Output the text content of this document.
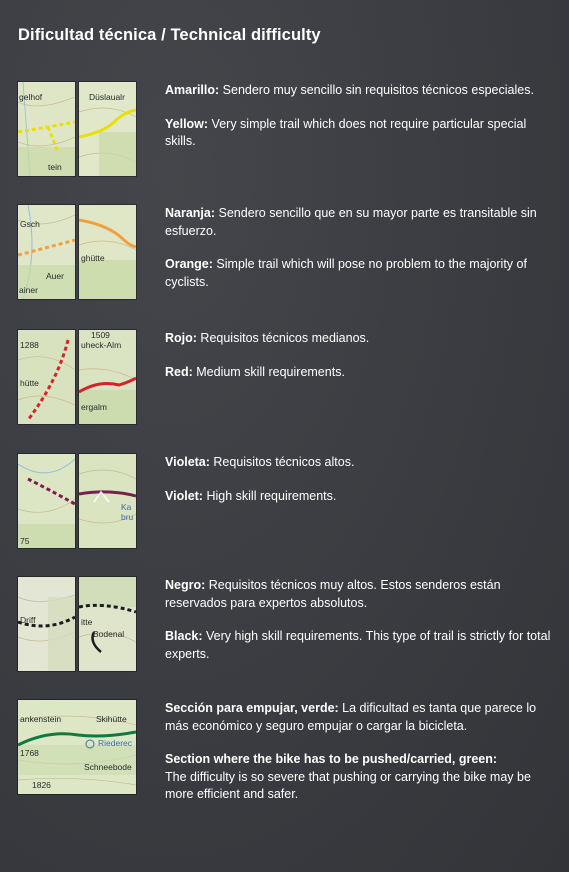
Dificultad técnica / Technical difficulty
gelhof
tein
Düslaualr	Amarillo: Sendero muy sencillo sin requisitos técnicos especiales.

Yellow: Very simple trail which does not require particular special skills.

Gsch
Auer
ainer
ghütte

Naranja: Sendero sencillo que en su mayor parte es transitable sin esfuerzo.

Orange: Simple trail which will pose no problem to the majority of cyclists.

1288
hütte
1509
uheck-Alm
ergalm

Rojo: Requisitos técnicos medianos.

Red: Medium skill requirements.

75
Ka
bru

Violeta: Requisitos técnicos altos.

Violet: High skill requirements.

Driff	itte
Bodenal

Negro: Requisitos técnicos muy altos. Estos senderos están reservados para expertos absolutos.

Black: Very high skill requirements. This type of trail is strictly for total experts.

ankenstein	Skihütte
Riederec
1768
Schneebode
1826

Sección para empujar, verde: La dificultad es tanta que parece lo más económico y seguro empujar o cargar la bicicleta.

Section where the bike has to be pushed/carried, green:
The difficulty is so severe that pushing or carrying the bike may be more efficient and safer.
